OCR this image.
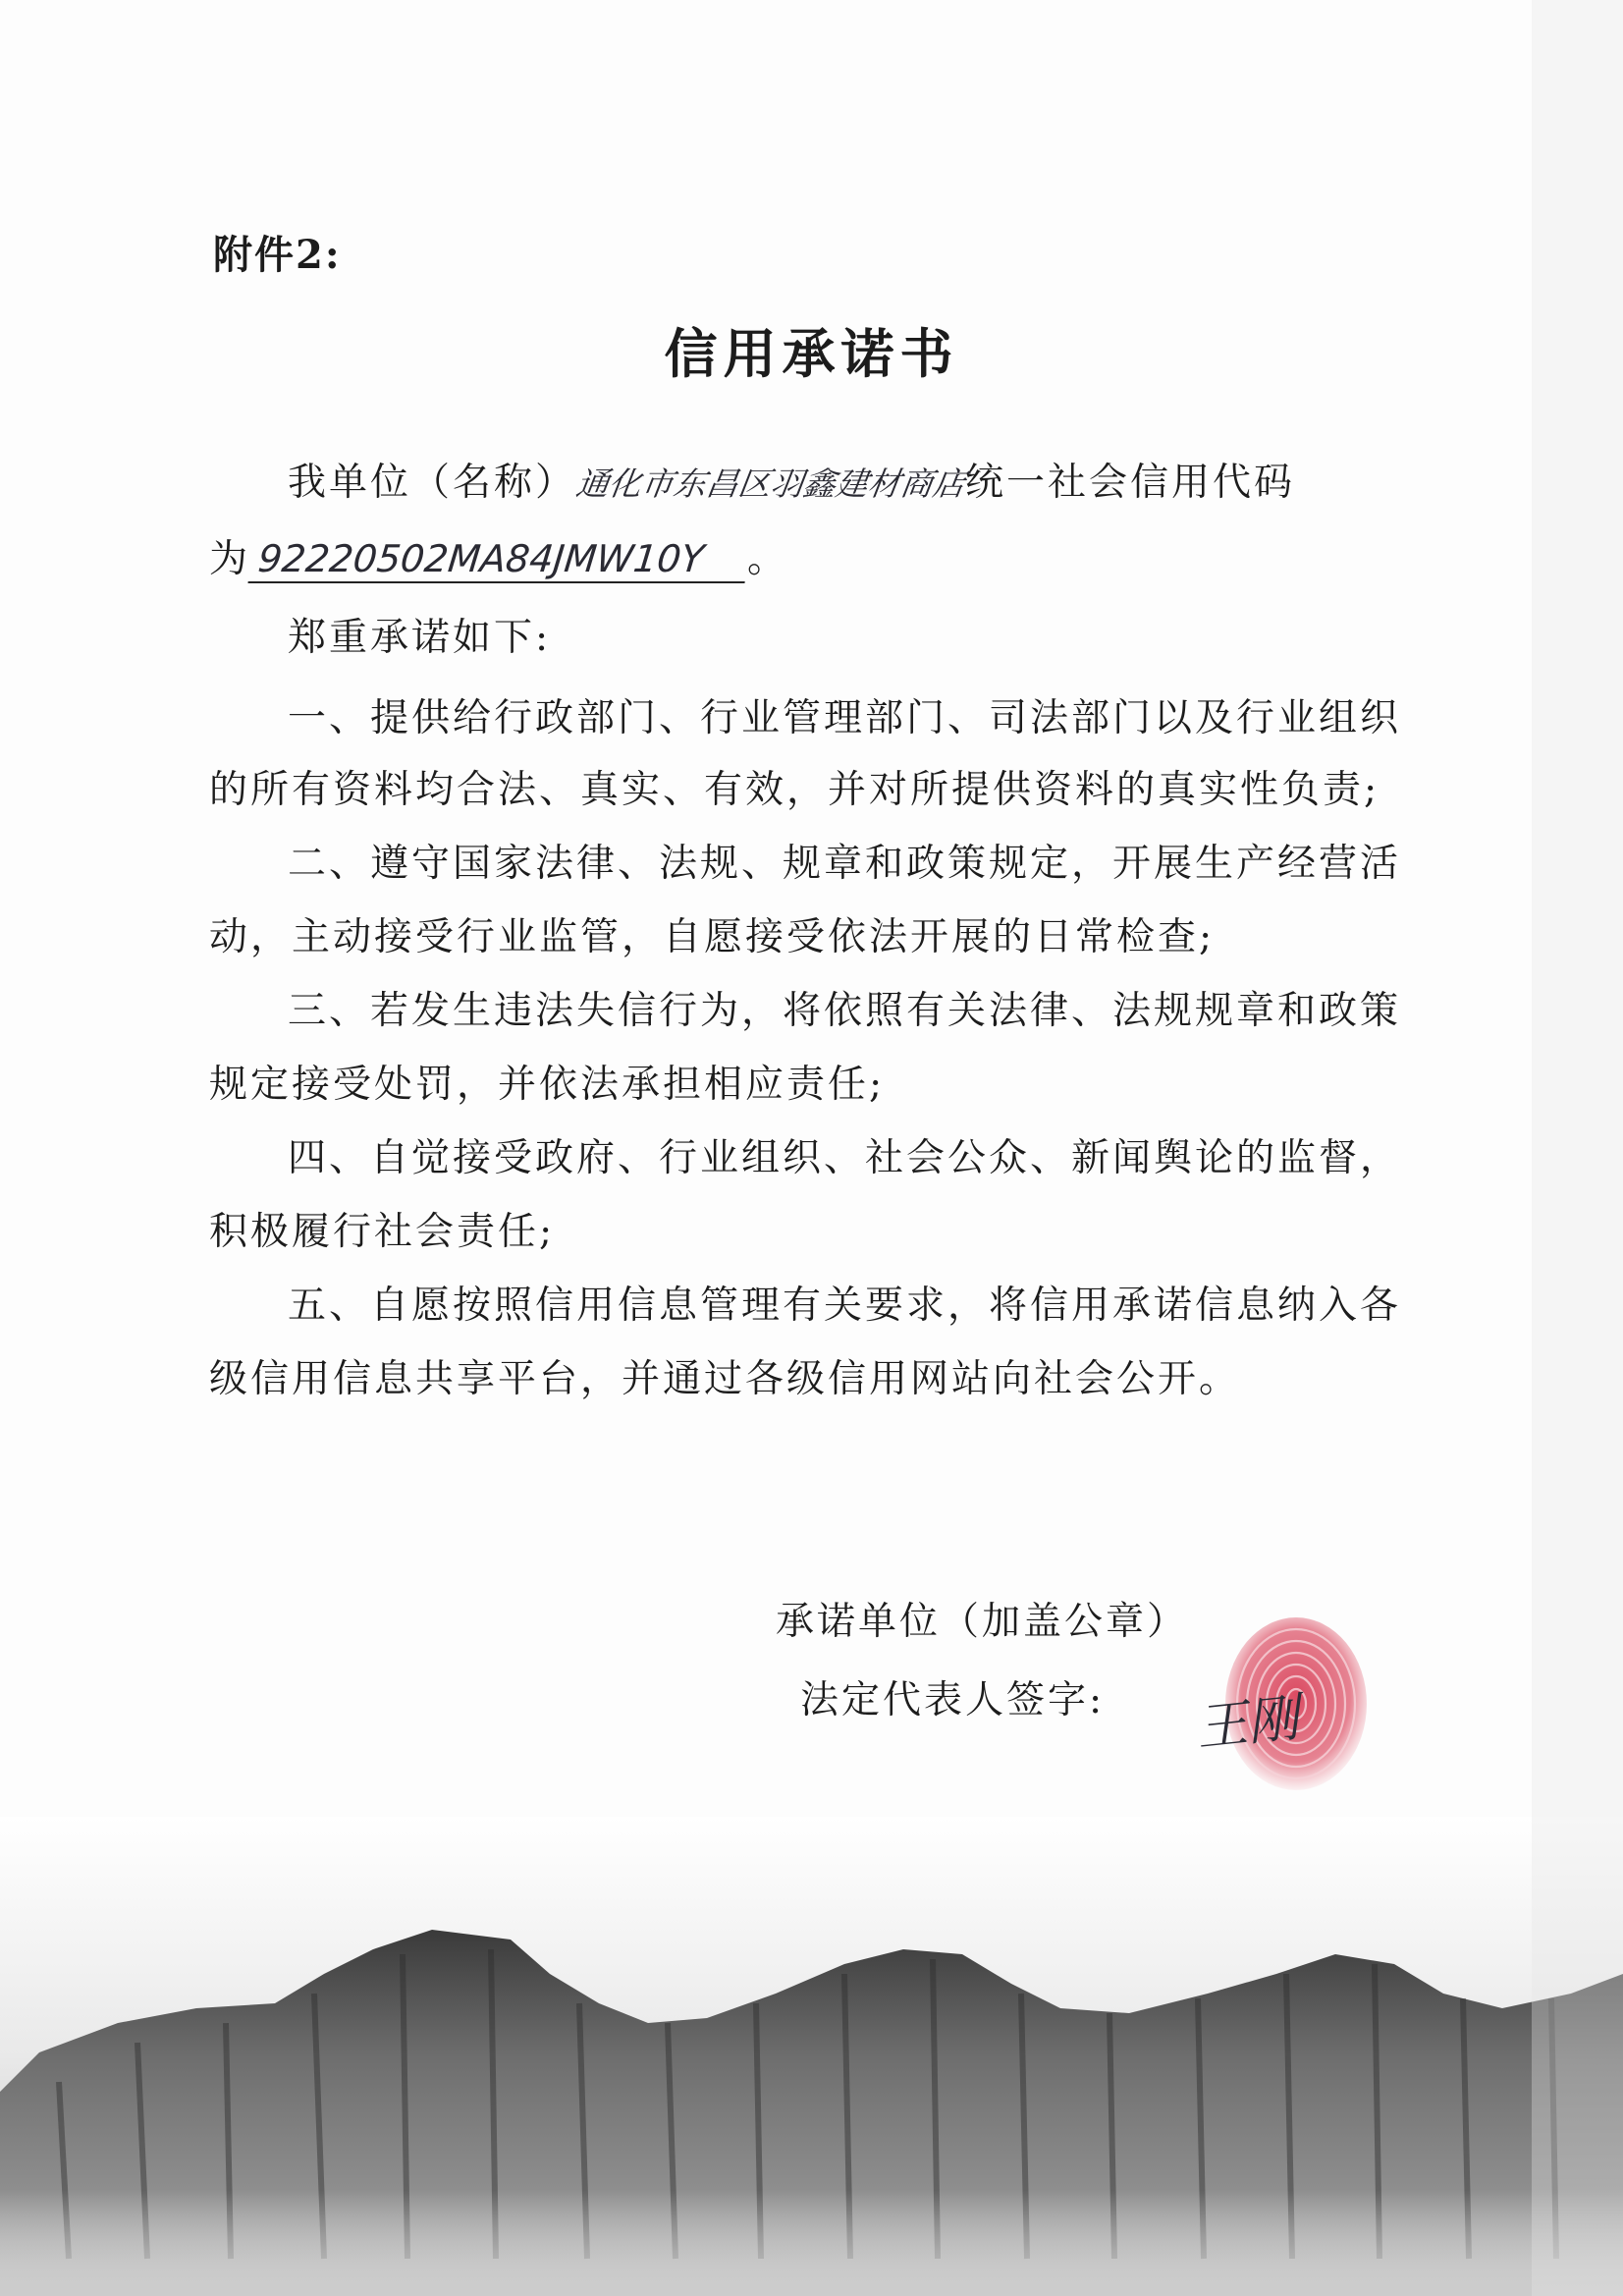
附件2:
信用承诺书
我单位（名称）通化市东昌区羽鑫建材商店统一社会信用代码
为 92220502MA84JMW10Y 。
郑重承诺如下:
一、提供给行政部门、行业管理部门、司法部门以及行业组织
的所有资料均合法、真实、有效，并对所提供资料的真实性负责;
二、遵守国家法律、法规、规章和政策规定，开展生产经营活
动，主动接受行业监管，自愿接受依法开展的日常检查;
三、若发生违法失信行为，将依照有关法律、法规规章和政策
规定接受处罚，并依法承担相应责任;
四、自觉接受政府、行业组织、社会公众、新闻舆论的监督，
积极履行社会责任;
五、自愿按照信用信息管理有关要求，将信用承诺信息纳入各
级信用信息共享平台，并通过各级信用网站向社会公开。
承诺单位（加盖公章）
法定代表人签字: 王刚
